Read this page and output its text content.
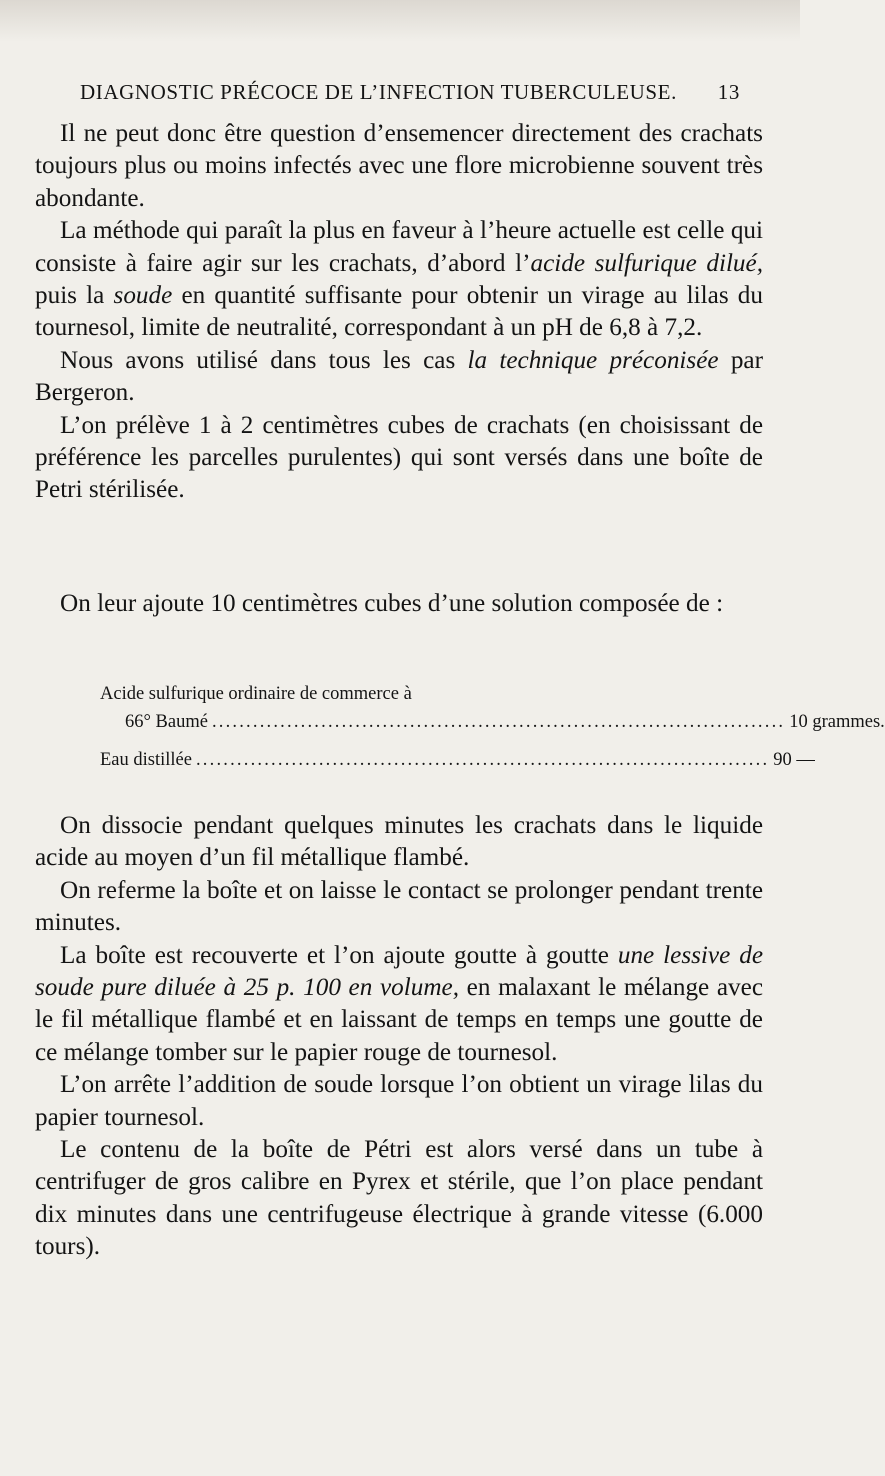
DIAGNOSTIC PRÉCOCE DE L’INFECTION TUBERCULEUSE. 13

Il ne peut donc être question d’ensemencer directement des crachats toujours plus ou moins infectés avec une flore microbienne souvent très abondante.

La méthode qui paraît la plus en faveur à l’heure actuelle est celle qui consiste à faire agir sur les crachats, d’abord l’acide sulfurique dilué, puis la soude en quantité suffisante pour obtenir un virage au lilas du tournesol, limite de neutralité, correspondant à un pH de 6,8 à 7,2.

Nous avons utilisé dans tous les cas la technique préconisée par Bergeron.

L’on prélève 1 à 2 centimètres cubes de crachats (en choisissant de préférence les parcelles purulentes) qui sont versés dans une boîte de Petri stérilisée.

On leur ajoute 10 centimètres cubes d’une solution composée de :

Acide sulfurique ordinaire de commerce à
66° Baumé .................................................................................... 10 grammes.
Eau distillée .................................................................................... 90 —

On dissocie pendant quelques minutes les crachats dans le liquide acide au moyen d’un fil métallique flambé.

On referme la boîte et on laisse le contact se prolonger pendant trente minutes.

La boîte est recouverte et l’on ajoute goutte à goutte une lessive de soude pure diluée à 25 p. 100 en volume, en malaxant le mélange avec le fil métallique flambé et en laissant de temps en temps une goutte de ce mélange tomber sur le papier rouge de tournesol.

L’on arrête l’addition de soude lorsque l’on obtient un virage lilas du papier tournesol.

Le contenu de la boîte de Pétri est alors versé dans un tube à centrifuger de gros calibre en Pyrex et stérile, que l’on place pendant dix minutes dans une centrifugeuse électrique à grande vitesse (6.000 tours).
